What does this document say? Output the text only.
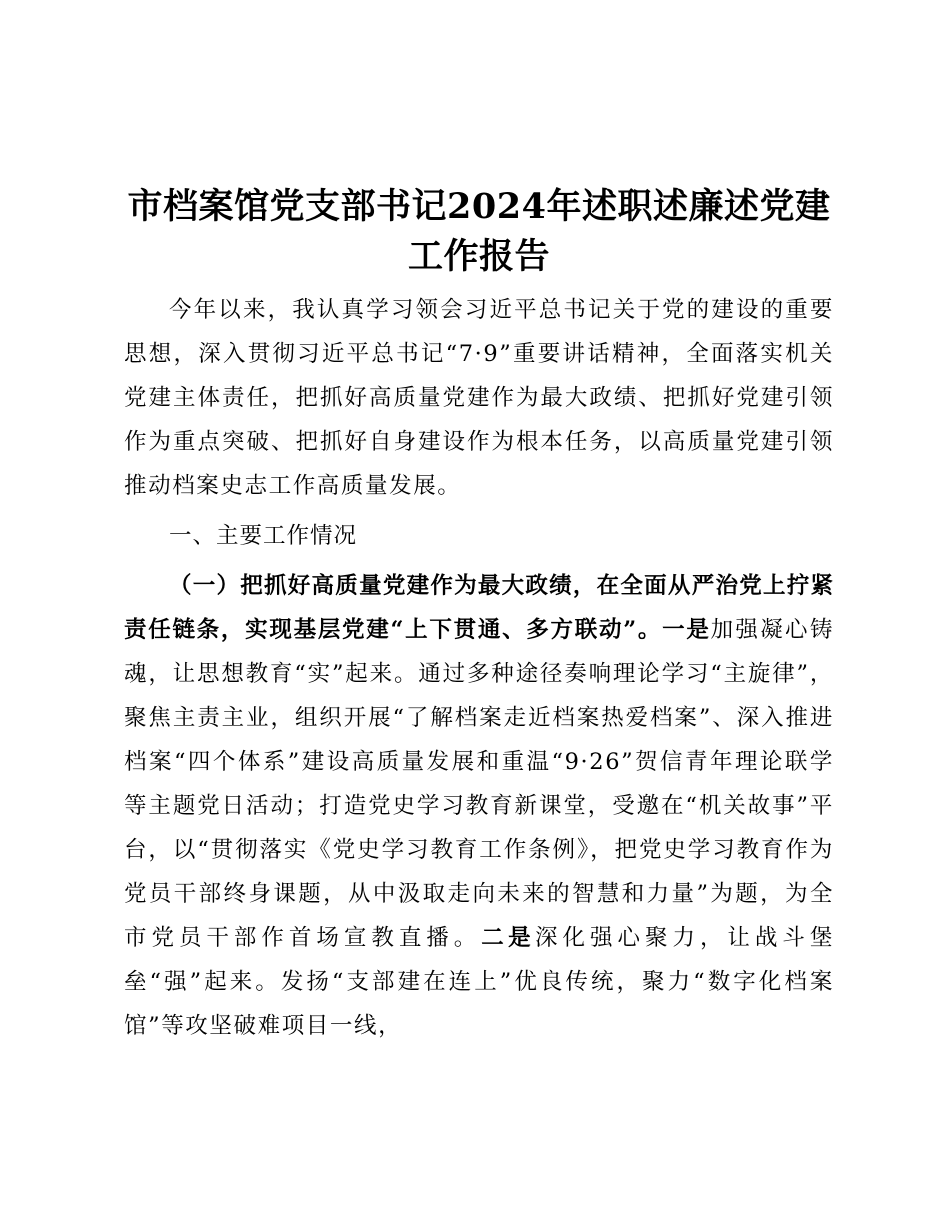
市档案馆党支部书记2024年述职述廉述党建工作报告

今年以来，我认真学习领会习近平总书记关于党的建设的重要思想，深入贯彻习近平总书记“7·9”重要讲话精神，全面落实机关党建主体责任，把抓好高质量党建作为最大政绩、把抓好党建引领作为重点突破、把抓好自身建设作为根本任务，以高质量党建引领推动档案史志工作高质量发展。

一、主要工作情况

（一）把抓好高质量党建作为最大政绩，在全面从严治党上拧紧责任链条，实现基层党建“上下贯通、多方联动”。一是加强凝心铸魂，让思想教育“实”起来。通过多种途径奏响理论学习“主旋律”，聚焦主责主业，组织开展“了解档案走近档案热爱档案”、深入推进档案“四个体系”建设高质量发展和重温“9·26”贺信青年理论联学等主题党日活动；打造党史学习教育新课堂，受邀在“机关故事”平台，以“贯彻落实《党史学习教育工作条例》，把党史学习教育作为党员干部终身课题，从中汲取走向未来的智慧和力量”为题，为全市党员干部作首场宣教直播。二是深化强心聚力，让战斗堡垒“强”起来。发扬“支部建在连上”优良传统，聚力“数字化档案馆”等攻坚破难项目一线，
